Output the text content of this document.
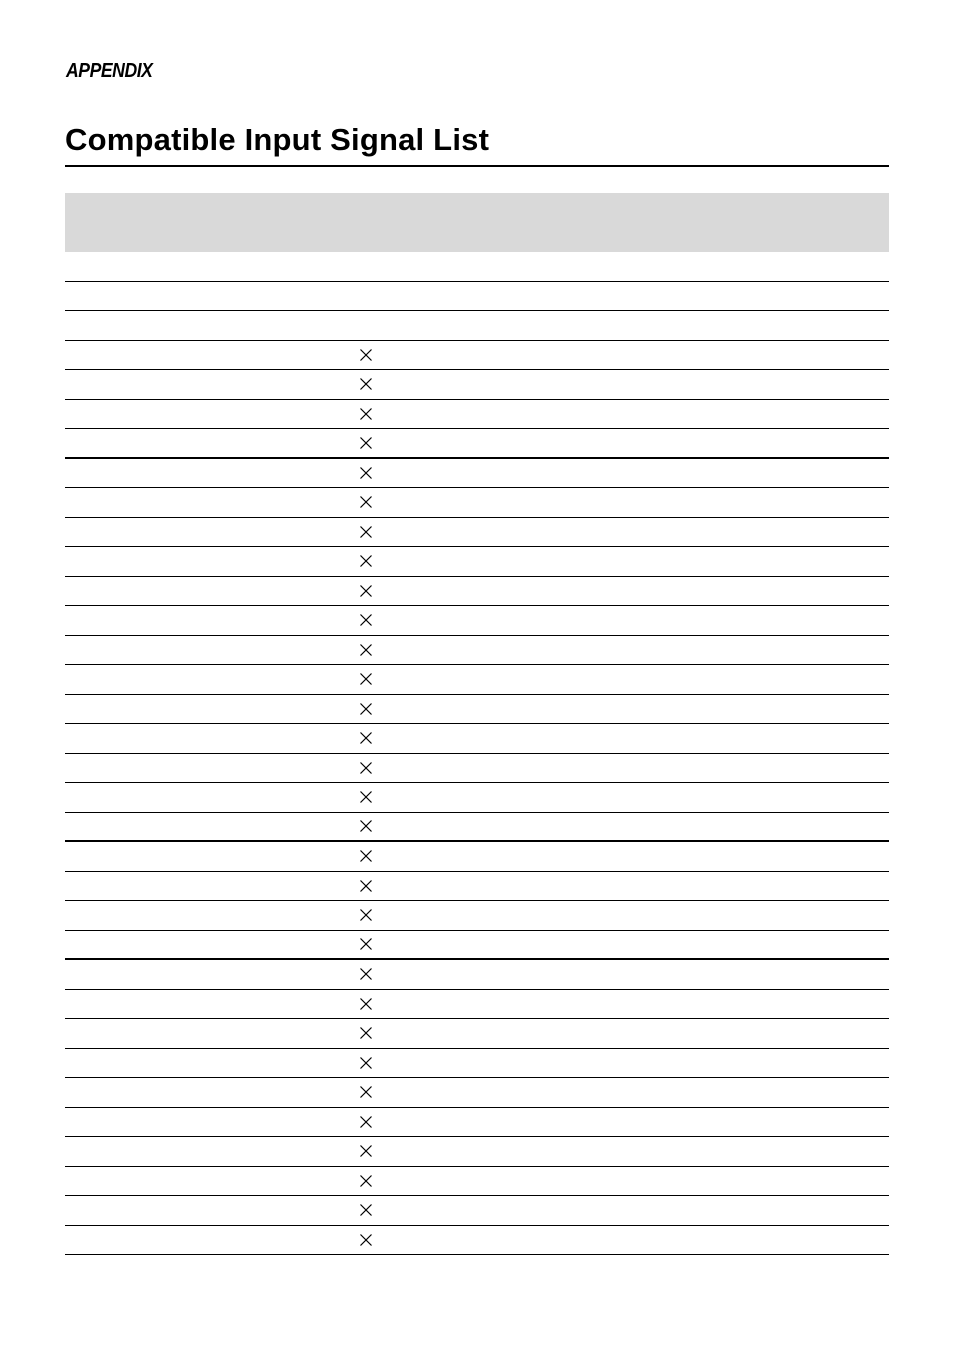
APPENDIX
Compatible Input Signal List
